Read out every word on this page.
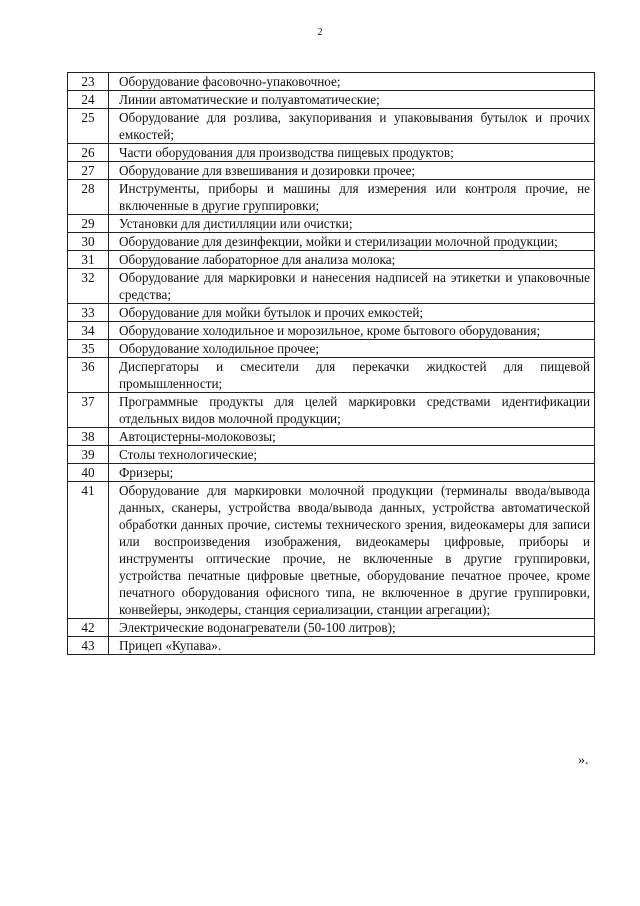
2
23	Оборудование фасовочно-упаковочное;
24	Линии автоматические и полуавтоматические;
25	Оборудование для розлива, закупоривания и упаковывания бутылок и прочих емкостей;
26	Части оборудования для производства пищевых продуктов;
27	Оборудование для взвешивания и дозировки прочее;
28	Инструменты, приборы и машины для измерения или контроля прочие, не включенные в другие группировки;
29	Установки для дистилляции или очистки;
30	Оборудование для дезинфекции, мойки и стерилизации молочной продукции;
31	Оборудование лабораторное для анализа молока;
32	Оборудование для маркировки и нанесения надписей на этикетки и упаковочные средства;
33	Оборудование для мойки бутылок и прочих емкостей;
34	Оборудование холодильное и морозильное, кроме бытового оборудования;
35	Оборудование холодильное прочее;
36	Диспергаторы и смесители для перекачки жидкостей для пищевой промышленности;
37	Программные продукты для целей маркировки средствами идентификации отдельных видов молочной продукции;
38	Автоцистерны-молоковозы;
39	Столы технологические;
40	Фризеры;
41	Оборудование для маркировки молочной продукции (терминалы ввода/вывода данных, сканеры, устройства ввода/вывода данных, устройства автоматической обработки данных прочие, системы технического зрения, видеокамеры для записи или воспроизведения изображения, видеокамеры цифровые, приборы и инструменты оптические прочие, не включенные в другие группировки, устройства печатные цифровые цветные, оборудование печатное прочее, кроме печатного оборудования офисного типа, не включенное в другие группировки, конвейеры, энкодеры, станция сериализации, станции агрегации);
42	Электрические водонагреватели (50-100 литров);
43	Прицеп «Купава».
».
